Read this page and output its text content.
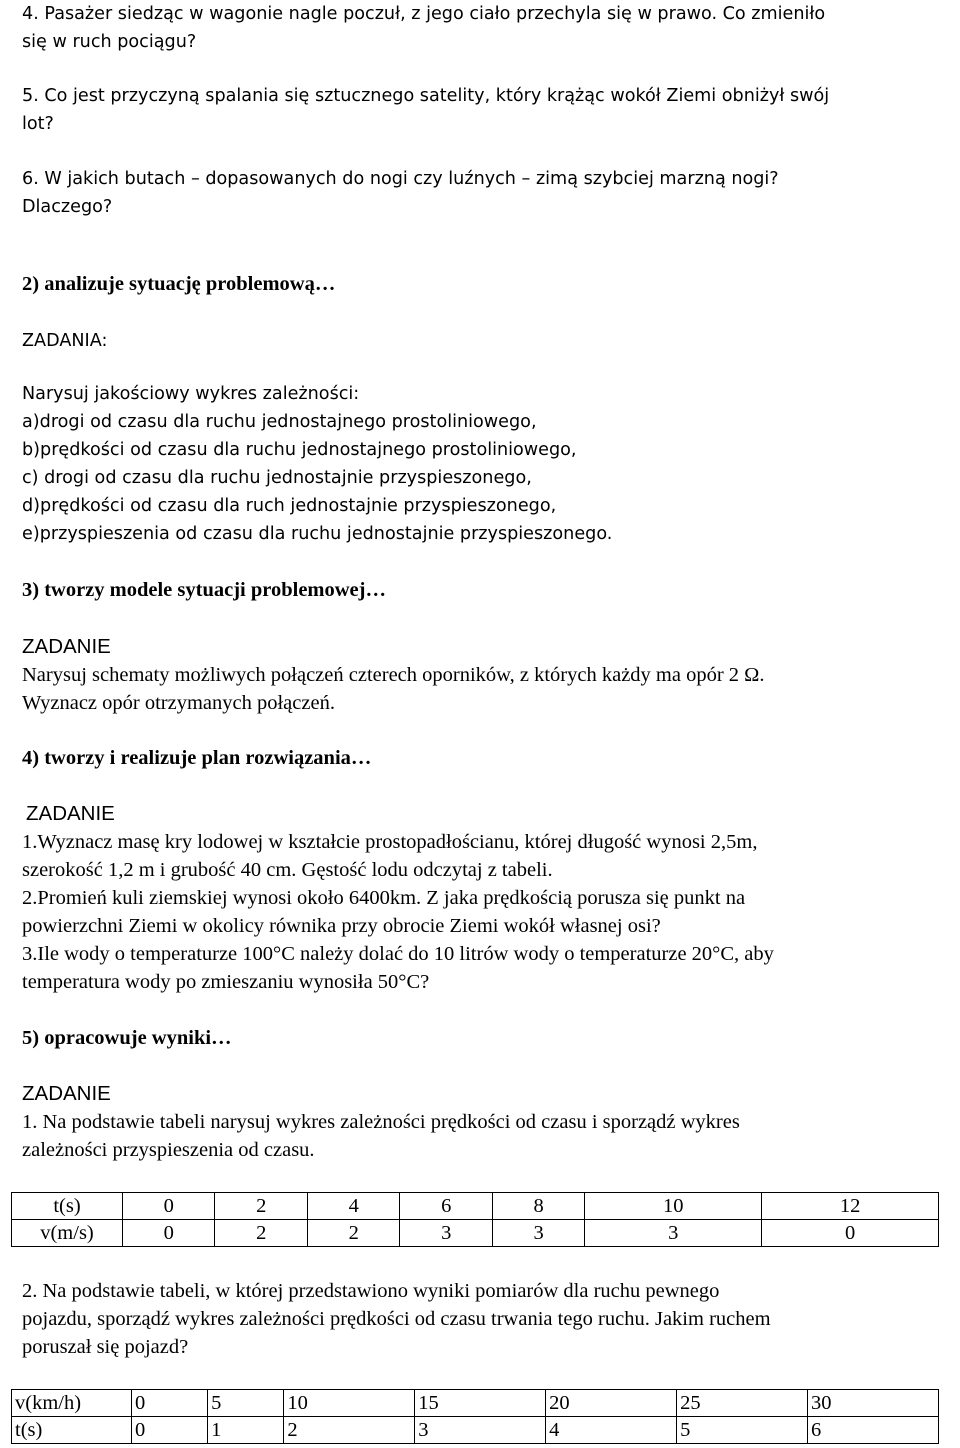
4. Pasażer siedząc w wagonie nagle poczuł, z jego ciało przechyla się w prawo. Co zmieniło

się w ruch pociągu?

5. Co jest przyczyną spalania się sztucznego satelity, który krążąc wokół Ziemi obniżył swój

lot?

6. W jakich butach – dopasowanych do nogi czy luźnych – zimą szybciej marzną nogi?

Dlaczego?

2) analizuje sytuację problemową…

ZADANIA:

Narysuj jakościowy wykres zależności:

a)drogi od czasu dla ruchu jednostajnego prostoliniowego,

b)prędkości od czasu dla ruchu jednostajnego prostoliniowego,

c) drogi od czasu dla ruchu jednostajnie przyspieszonego,

d)prędkości od czasu dla ruch jednostajnie przyspieszonego,

e)przyspieszenia od czasu dla ruchu jednostajnie przyspieszonego.

3) tworzy modele sytuacji problemowej…

ZADANIE

Narysuj schematy możliwych połączeń czterech oporników, z których każdy ma opór 2 Ω.

Wyznacz opór otrzymanych połączeń.

4) tworzy i realizuje plan rozwiązania…

ZADANIE

1.Wyznacz masę kry lodowej w kształcie prostopadłościanu, której długość wynosi 2,5m,

szerokość 1,2 m i grubość 40 cm. Gęstość lodu odczytaj z tabeli.

2.Promień kuli ziemskiej wynosi około 6400km. Z jaka prędkością porusza się punkt na

powierzchni Ziemi w okolicy równika przy obrocie Ziemi wokół własnej osi?

3.Ile wody o temperaturze 100°C należy dolać do 10 litrów wody o temperaturze 20°C, aby

temperatura wody po zmieszaniu wynosiła 50°C?

5) opracowuje wyniki…

ZADANIE

1. Na podstawie tabeli narysuj wykres zależności prędkości od czasu i sporządź wykres

zależności przyspieszenia od czasu.

2. Na podstawie tabeli, w której przedstawiono wyniki pomiarów dla ruchu pewnego

pojazdu, sporządź wykres zależności prędkości od czasu trwania tego ruchu. Jakim ruchem

poruszał się pojazd?

t(s)	0	2	4	6	8	10	12
v(m/s)	0	2	2	3	3	3	0
v(km/h)	0	5	10	15	20	25	30
t(s)	0	1	2	3	4	5	6
